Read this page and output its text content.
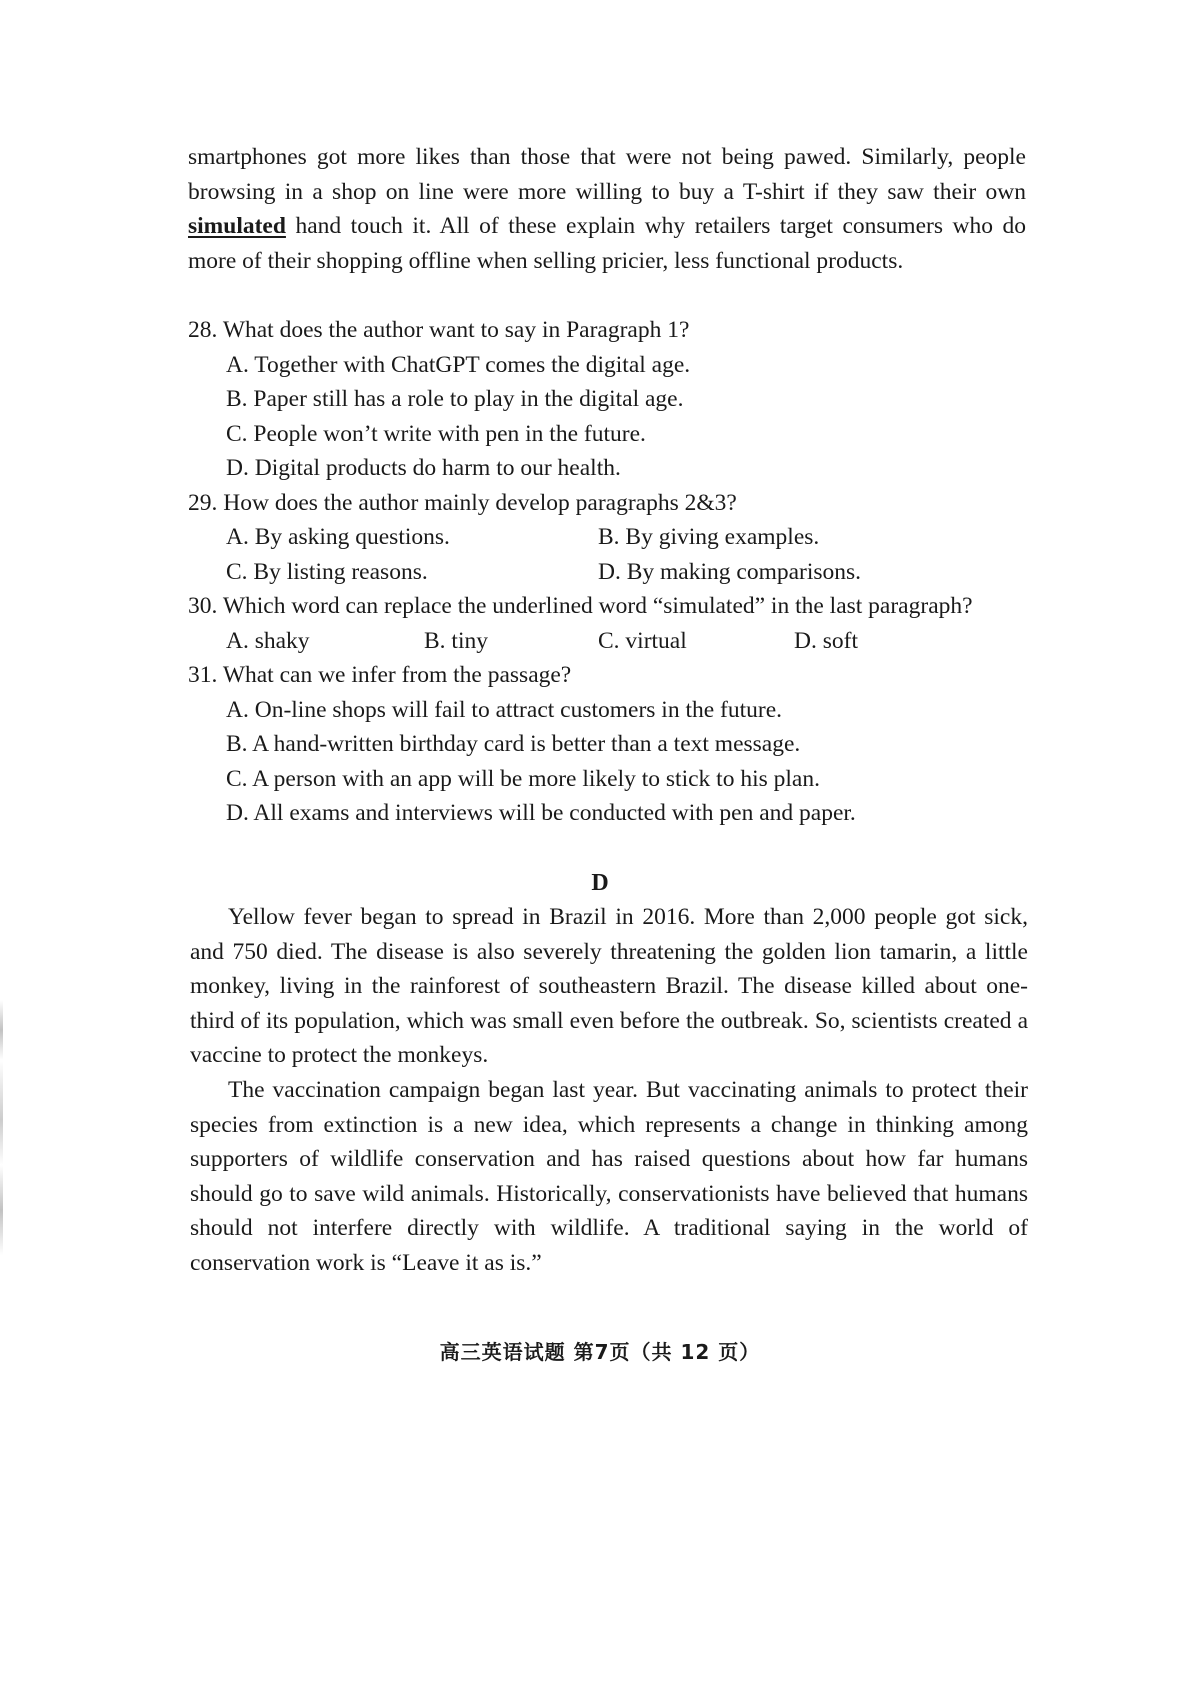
smartphones got more likes than those that were not being pawed. Similarly, people browsing in a shop on line were more willing to buy a T-shirt if they saw their own simulated hand touch it. All of these explain why retailers target consumers who do more of their shopping offline when selling pricier, less functional products.

28. What does the author want to say in Paragraph 1?

A. Together with ChatGPT comes the digital age.

B. Paper still has a role to play in the digital age.

C. People won’t write with pen in the future.

D. Digital products do harm to our health.

29. How does the author mainly develop paragraphs 2&3?

A. By asking questions.	B. By giving examples.
C. By listing reasons.	D. By making comparisons.

30. Which word can replace the underlined word “simulated” in the last paragraph?

A. shaky	B. tiny	C. virtual	D. soft

31. What can we infer from the passage?

A. On-line shops will fail to attract customers in the future.

B. A hand-written birthday card is better than a text message.

C. A person with an app will be more likely to stick to his plan.

D. All exams and interviews will be conducted with pen and paper.

D

Yellow fever began to spread in Brazil in 2016. More than 2,000 people got sick, and 750 died. The disease is also severely threatening the golden lion tamarin, a little monkey, living in the rainforest of southeastern Brazil. The disease killed about one-third of its population, which was small even before the outbreak. So, scientists created a vaccine to protect the monkeys.

The vaccination campaign began last year. But vaccinating animals to protect their species from extinction is a new idea, which represents a change in thinking among supporters of wildlife conservation and has raised questions about how far humans should go to save wild animals. Historically, conservationists have believed that humans should not interfere directly with wildlife. A traditional saying in the world of conservation work is “Leave it as is.”

高三英语试题 第7页（共 12 页）
